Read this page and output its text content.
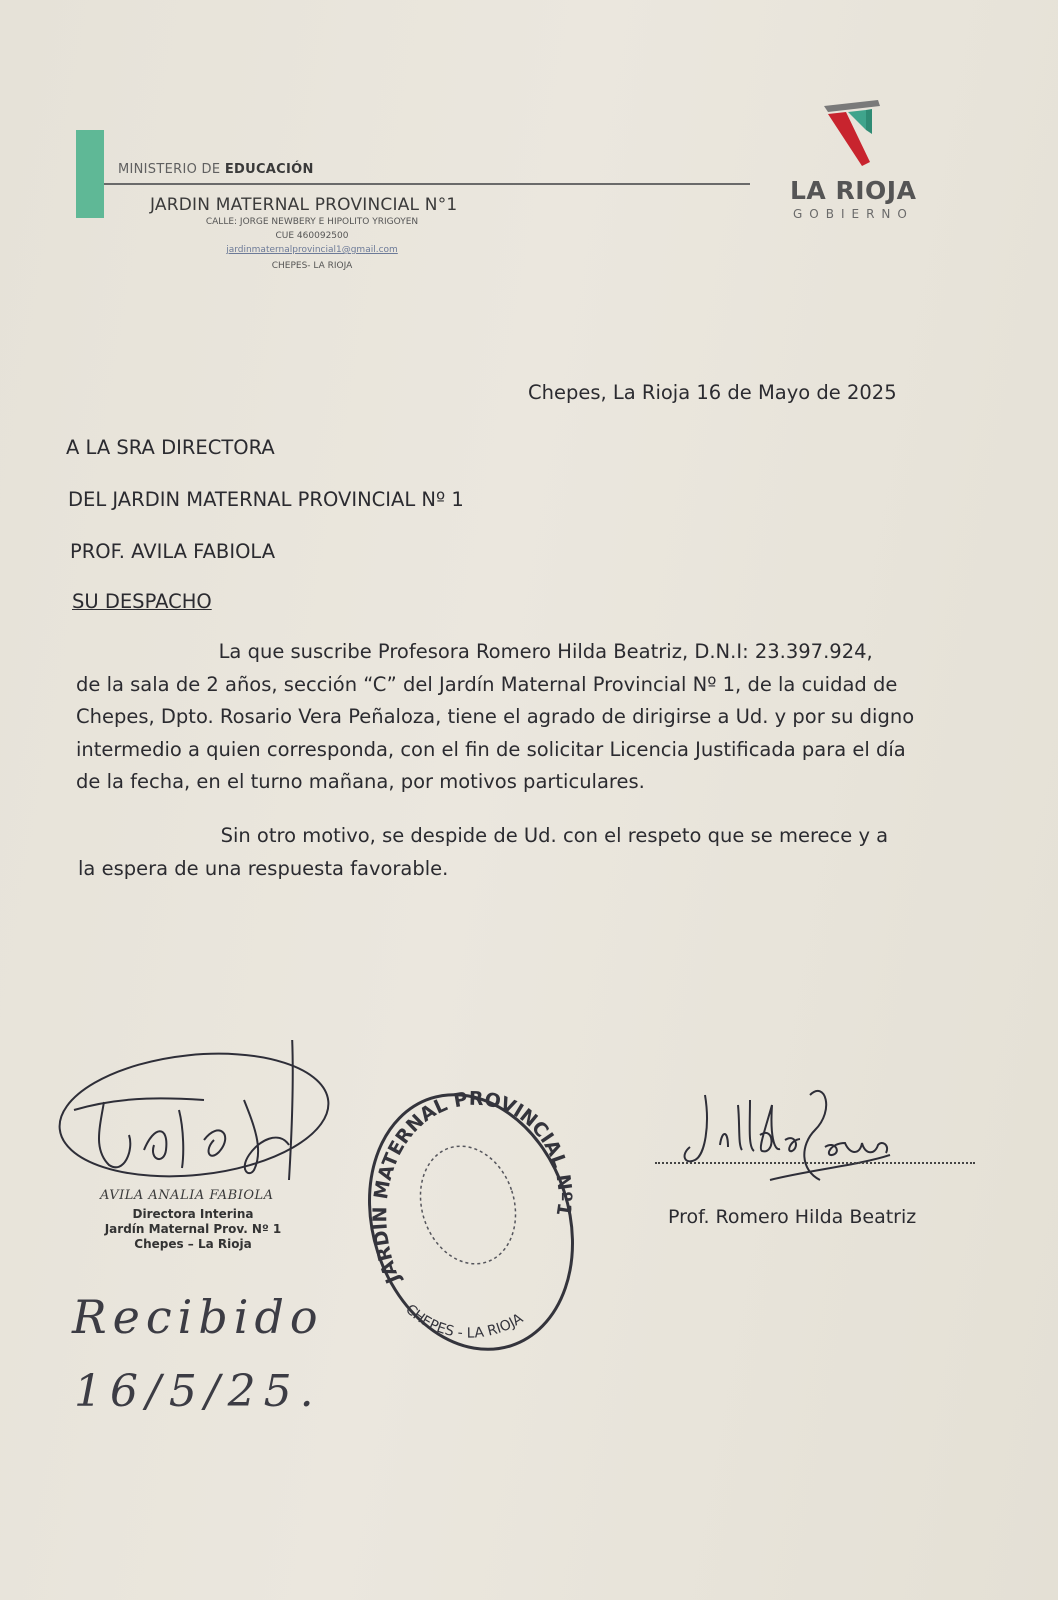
MINISTERIO DE EDUCACIÓN
JARDIN MATERNAL PROVINCIAL N°1
CALLE: JORGE NEWBERY E HIPOLITO YRIGOYEN
CUE 460092500
jardinmaternalprovincial1@gmail.com
CHEPES- LA RIOJA
LA RIOJA
GOBIERNO
Chepes, La Rioja 16 de Mayo de 2025
A LA SRA DIRECTORA
DEL JARDIN MATERNAL PROVINCIAL Nº 1
PROF. AVILA FABIOLA
SU DESPACHO
La que suscribe Profesora Romero Hilda Beatriz, D.N.I: 23.397.924,
de la sala de 2 años, sección “C” del Jardín Maternal Provincial Nº 1, de la cuidad de
Chepes, Dpto. Rosario Vera Peñaloza, tiene el agrado de dirigirse a Ud. y por su digno
intermedio a quien corresponda, con el fin de solicitar Licencia Justificada para el día
de la fecha, en el turno mañana, por motivos particulares.
Sin otro motivo, se despide de Ud. con el respeto que se merece y a
la espera de una respuesta favorable.
AVILA ANALIA FABIOLA
Directora Interina
Jardín Maternal Prov. Nº 1
Chepes – La Rioja
Recibido
16/5/25.
JARDIN MATERNAL PROVINCIAL Nº1
CHEPES - LA RIOJA
Prof. Romero Hilda Beatriz
